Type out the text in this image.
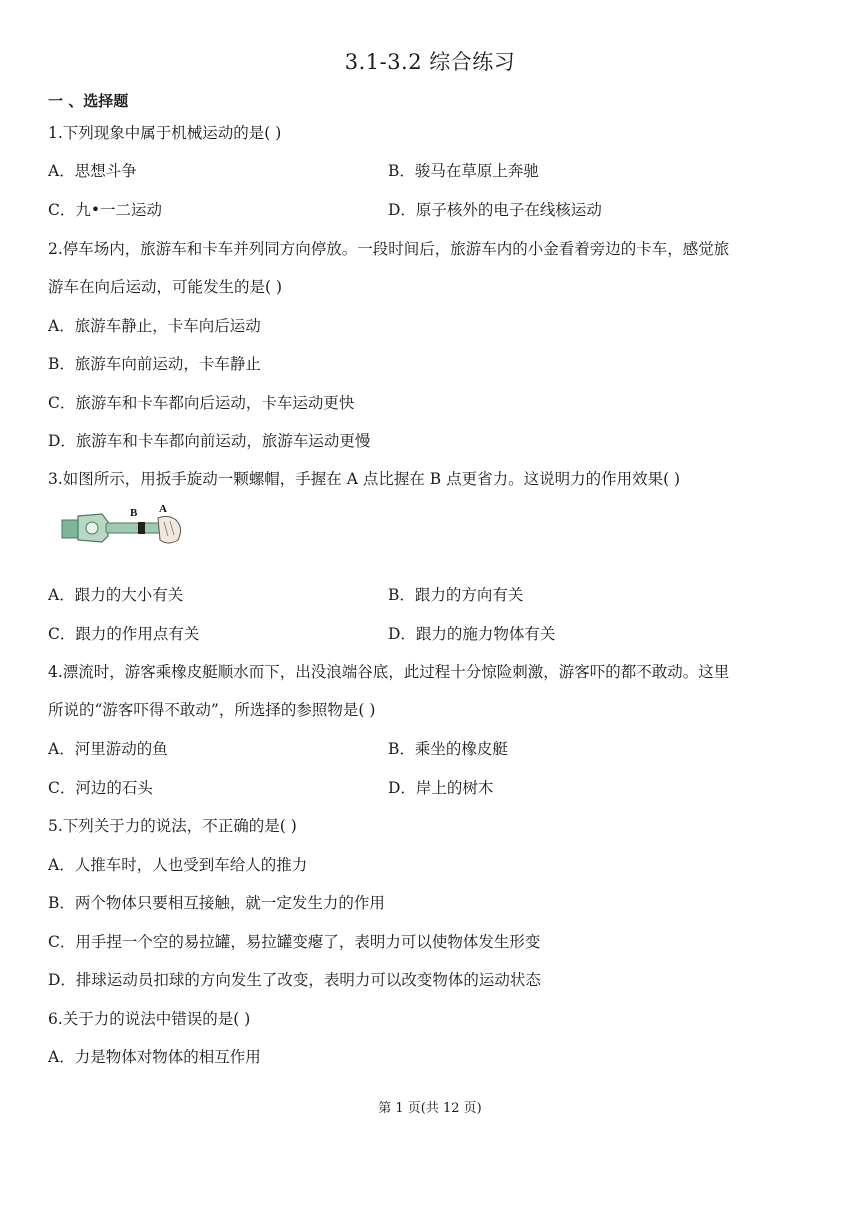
3.1-3.2 综合练习
一 、选择题
1.下列现象中属于机械运动的是( )
A．思想斗争	B．骏马在草原上奔驰
C．九•一二运动	D．原子核外的电子在线核运动
2.停车场内，旅游车和卡车并列同方向停放。一段时间后，旅游车内的小金看着旁边的卡车，感觉旅
游车在向后运动，可能发生的是( )
A．旅游车静止，卡车向后运动
B．旅游车向前运动，卡车静止
C．旅游车和卡车都向后运动，卡车运动更快
D．旅游车和卡车都向前运动，旅游车运动更慢
3.如图所示，用扳手旋动一颗螺帽，手握在 A 点比握在 B 点更省力。这说明力的作用效果( )
B A
A．跟力的大小有关	B．跟力的方向有关
C．跟力的作用点有关	D．跟力的施力物体有关
4.漂流时，游客乘橡皮艇顺水而下，出没浪端谷底，此过程十分惊险刺激，游客吓的都不敢动。这里
所说的“游客吓得不敢动”，所选择的参照物是( )
A．河里游动的鱼	B．乘坐的橡皮艇
C．河边的石头	D．岸上的树木
5.下列关于力的说法，不正确的是( )
A．人推车时，人也受到车给人的推力
B．两个物体只要相互接触，就一定发生力的作用
C．用手捏一个空的易拉罐，易拉罐变瘪了，表明力可以使物体发生形变
D．排球运动员扣球的方向发生了改变，表明力可以改变物体的运动状态
6.关于力的说法中错误的是( )
A．力是物体对物体的相互作用
第 1 页(共 12 页)
